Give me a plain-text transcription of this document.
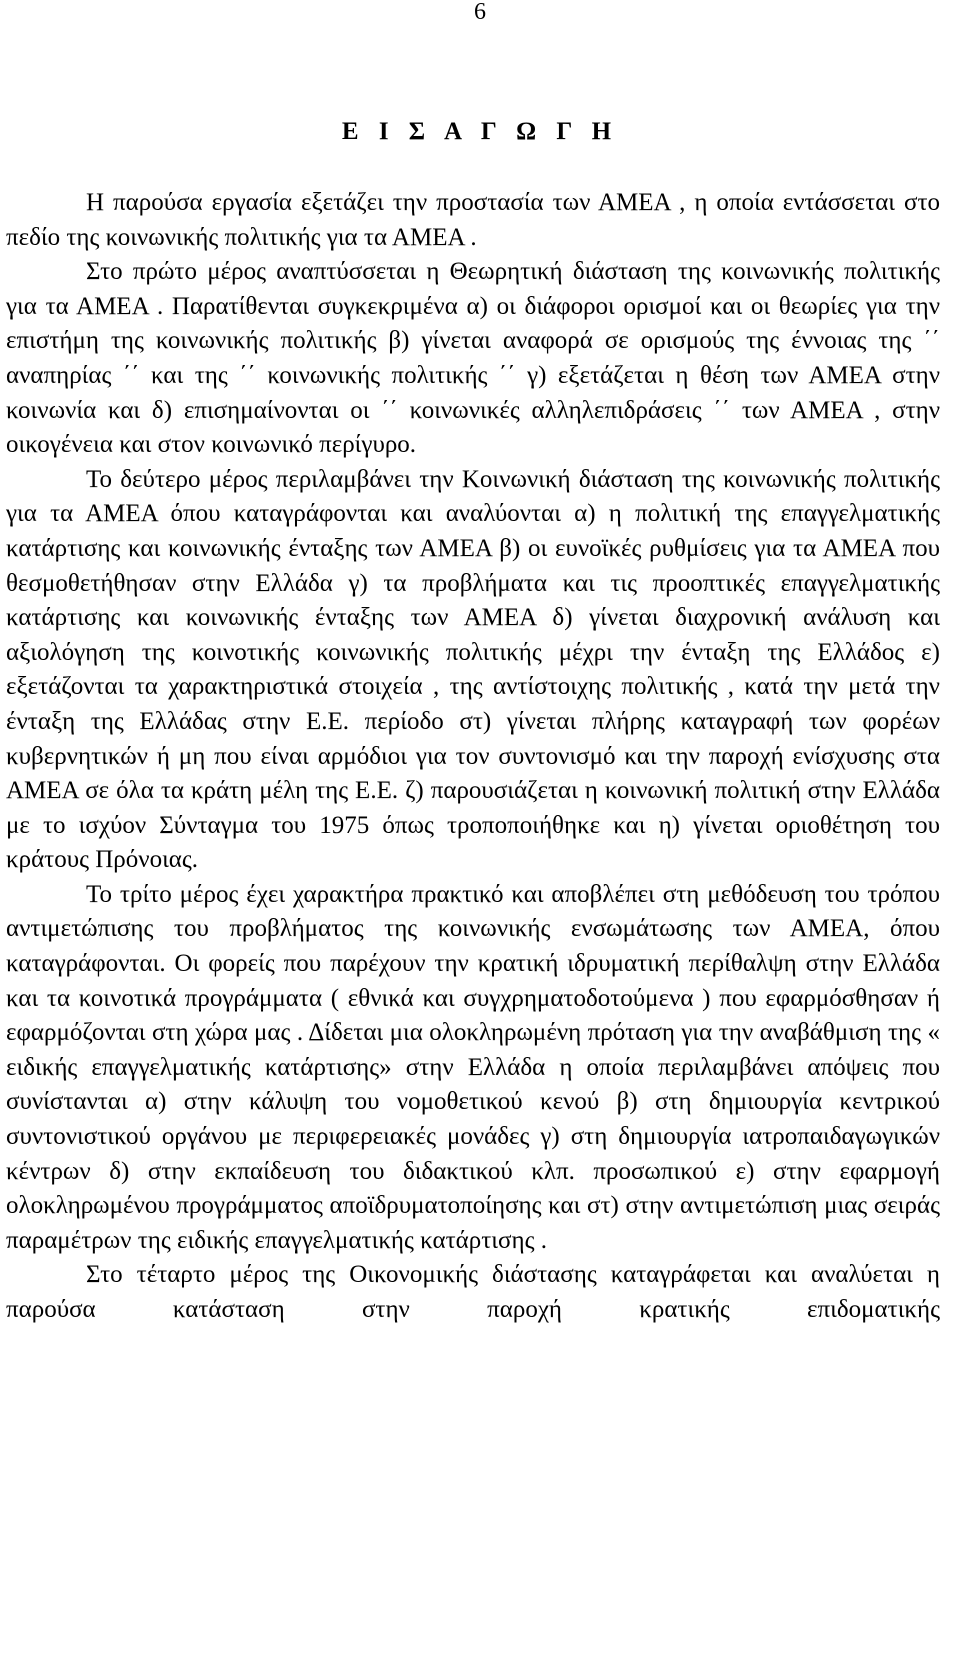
6
Ε Ι Σ Α Γ Ω Γ Η

Η παρούσα εργασία εξετάζει την προστασία των ΑΜΕΑ , η οποία εντάσσεται στο πεδίο της κοινωνικής πολιτικής για τα ΑΜΕΑ .

Στο πρώτο μέρος αναπτύσσεται η Θεωρητική διάσταση της κοινωνικής πολιτικής για τα ΑΜΕΑ . Παρατίθενται συγκεκριμένα α) οι διάφοροι ορισμοί και οι θεωρίες για την επιστήμη της κοινωνικής πολιτικής β) γίνεται αναφορά σε ορισμούς της έννοιας της ΄΄ αναπηρίας ΄΄ και της ΄΄ κοινωνικής πολιτικής ΄΄ γ) εξετάζεται η θέση των ΑΜΕΑ στην κοινωνία και δ) επισημαίνονται οι ΄΄ κοινωνικές αλληλεπιδράσεις ΄΄ των ΑΜΕΑ , στην οικογένεια και στον κοινωνικό περίγυρο.

Το δεύτερο μέρος περιλαμβάνει την Κοινωνική διάσταση της κοινωνικής πολιτικής για τα ΑΜΕΑ όπου καταγράφονται και αναλύονται α) η πολιτική της επαγγελματικής κατάρτισης και κοινωνικής ένταξης των ΑΜΕΑ β) οι ευνοϊκές ρυθμίσεις για τα ΑΜΕΑ που θεσμοθετήθησαν στην Ελλάδα γ) τα προβλήματα και τις προοπτικές επαγγελματικής κατάρτισης και κοινωνικής ένταξης των ΑΜΕΑ δ) γίνεται διαχρονική ανάλυση και αξιολόγηση της κοινοτικής κοινωνικής πολιτικής μέχρι την ένταξη της Ελλάδος ε) εξετάζονται τα χαρακτηριστικά στοιχεία , της αντίστοιχης πολιτικής , κατά την μετά την ένταξη της Ελλάδας στην Ε.Ε. περίοδο στ) γίνεται πλήρης καταγραφή των φορέων κυβερνητικών ή μη που είναι αρμόδιοι για τον συντονισμό και την παροχή ενίσχυσης στα ΑΜΕΑ σε όλα τα κράτη μέλη της Ε.Ε. ζ) παρουσιάζεται η κοινωνική πολιτική στην Ελλάδα με το ισχύον Σύνταγμα του 1975 όπως τροποποιήθηκε και η) γίνεται οριοθέτηση του κράτους Πρόνοιας.

Το τρίτο μέρος έχει χαρακτήρα πρακτικό και αποβλέπει στη μεθόδευση του τρόπου αντιμετώπισης του προβλήματος της κοινωνικής ενσωμάτωσης των ΑΜΕΑ, όπου καταγράφονται. Οι φορείς που παρέχουν την κρατική ιδρυματική περίθαλψη στην Ελλάδα και τα κοινοτικά προγράμματα ( εθνικά και συγχρηματοδοτούμενα ) που εφαρμόσθησαν ή εφαρμόζονται στη χώρα μας . Δίδεται μια ολοκληρωμένη πρόταση για την αναβάθμιση της « ειδικής επαγγελματικής κατάρτισης» στην Ελλάδα η οποία περιλαμβάνει απόψεις που συνίστανται α) στην κάλυψη του νομοθετικού κενού β) στη δημιουργία κεντρικού συντονιστικού οργάνου με περιφερειακές μονάδες γ) στη δημιουργία ιατροπαιδαγωγικών κέντρων δ) στην εκπαίδευση του διδακτικού κλπ. προσωπικού ε) στην εφαρμογή ολοκληρωμένου προγράμματος αποϊδρυματοποίησης και στ) στην αντιμετώπιση μιας σειράς παραμέτρων της ειδικής επαγγελματικής κατάρτισης .

Στο τέταρτο μέρος της Οικονομικής διάστασης καταγράφεται και αναλύεται η παρούσα κατάσταση στην παροχή κρατικής επιδοματικής
